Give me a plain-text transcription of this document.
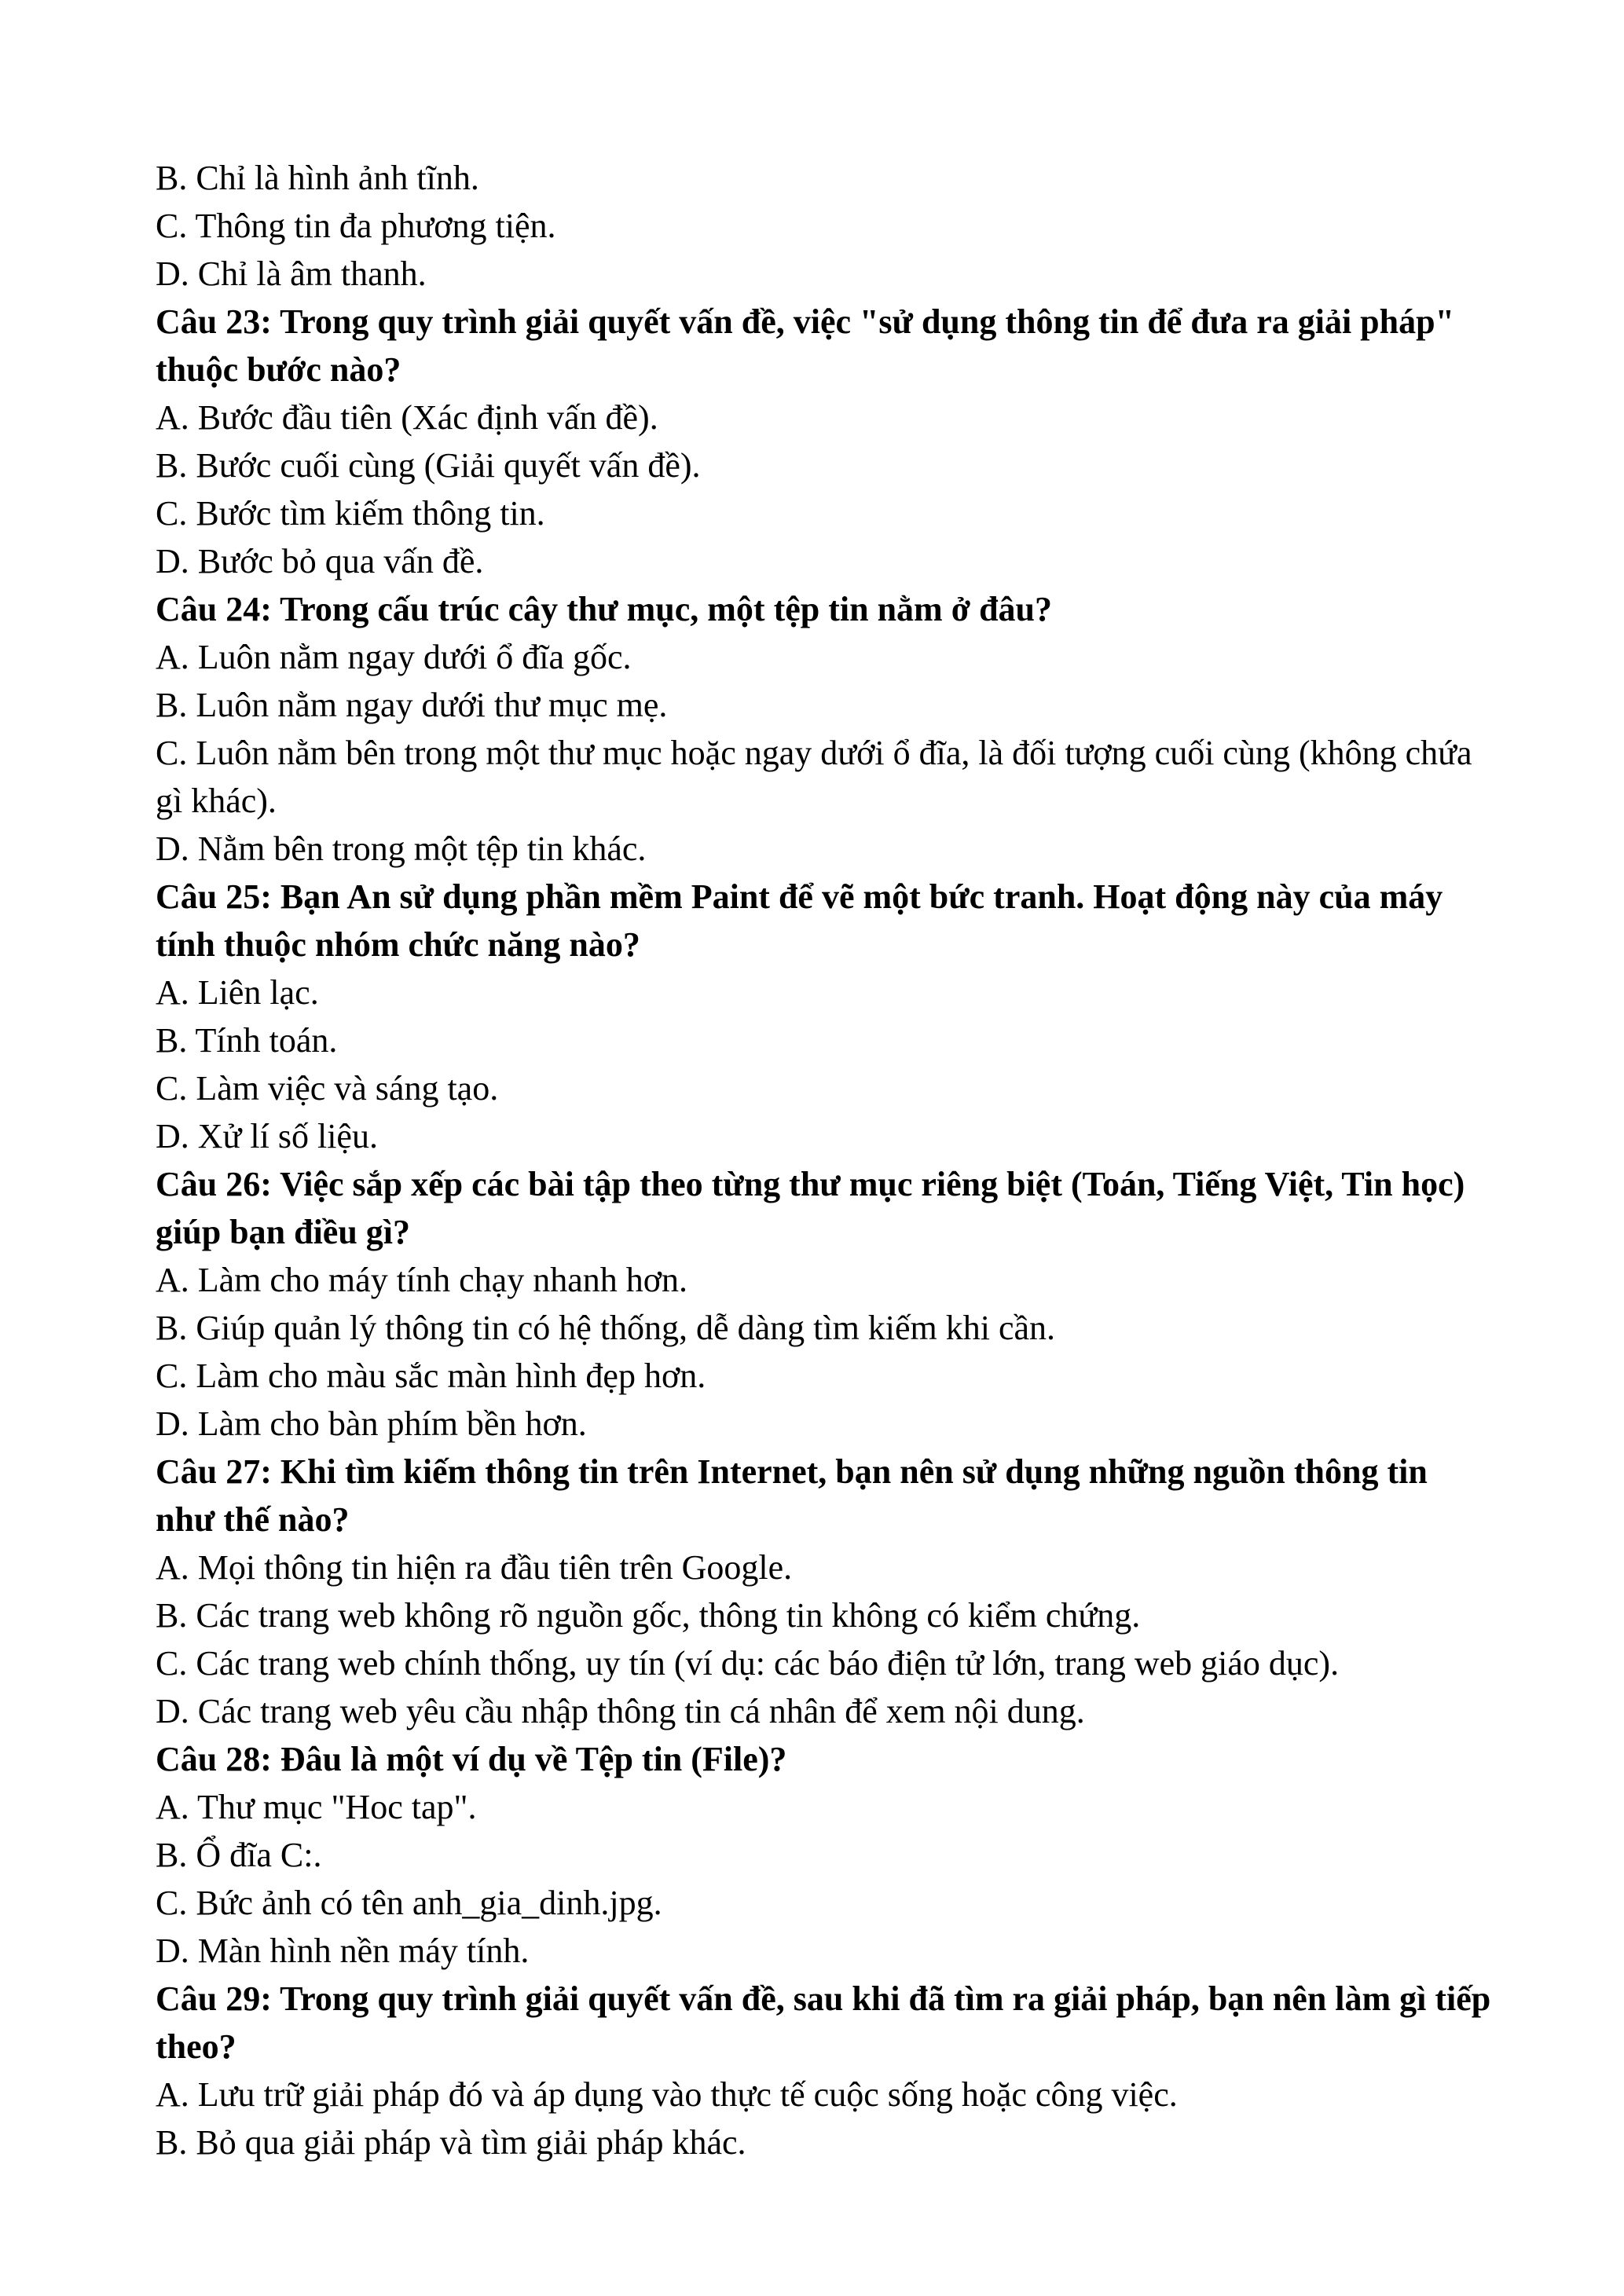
B. Chỉ là hình ảnh tĩnh.
C. Thông tin đa phương tiện.
D. Chỉ là âm thanh.
Câu 23: Trong quy trình giải quyết vấn đề, việc "sử dụng thông tin để đưa ra giải pháp" thuộc bước nào?
A. Bước đầu tiên (Xác định vấn đề).
B. Bước cuối cùng (Giải quyết vấn đề).
C. Bước tìm kiếm thông tin.
D. Bước bỏ qua vấn đề.
Câu 24: Trong cấu trúc cây thư mục, một tệp tin nằm ở đâu?
A. Luôn nằm ngay dưới ổ đĩa gốc.
B. Luôn nằm ngay dưới thư mục mẹ.
C. Luôn nằm bên trong một thư mục hoặc ngay dưới ổ đĩa, là đối tượng cuối cùng (không chứa gì khác).
D. Nằm bên trong một tệp tin khác.
Câu 25: Bạn An sử dụng phần mềm Paint để vẽ một bức tranh. Hoạt động này của máy tính thuộc nhóm chức năng nào?
A. Liên lạc.
B. Tính toán.
C. Làm việc và sáng tạo.
D. Xử lí số liệu.
Câu 26: Việc sắp xếp các bài tập theo từng thư mục riêng biệt (Toán, Tiếng Việt, Tin học) giúp bạn điều gì?
A. Làm cho máy tính chạy nhanh hơn.
B. Giúp quản lý thông tin có hệ thống, dễ dàng tìm kiếm khi cần.
C. Làm cho màu sắc màn hình đẹp hơn.
D. Làm cho bàn phím bền hơn.
Câu 27: Khi tìm kiếm thông tin trên Internet, bạn nên sử dụng những nguồn thông tin như thế nào?
A. Mọi thông tin hiện ra đầu tiên trên Google.
B. Các trang web không rõ nguồn gốc, thông tin không có kiểm chứng.
C. Các trang web chính thống, uy tín (ví dụ: các báo điện tử lớn, trang web giáo dục).
D. Các trang web yêu cầu nhập thông tin cá nhân để xem nội dung.
Câu 28: Đâu là một ví dụ về Tệp tin (File)?
A. Thư mục "Hoc tap".
B. Ổ đĩa C:.
C. Bức ảnh có tên anh_gia_dinh.jpg.
D. Màn hình nền máy tính.
Câu 29: Trong quy trình giải quyết vấn đề, sau khi đã tìm ra giải pháp, bạn nên làm gì tiếp theo?
A. Lưu trữ giải pháp đó và áp dụng vào thực tế cuộc sống hoặc công việc.
B. Bỏ qua giải pháp và tìm giải pháp khác.
